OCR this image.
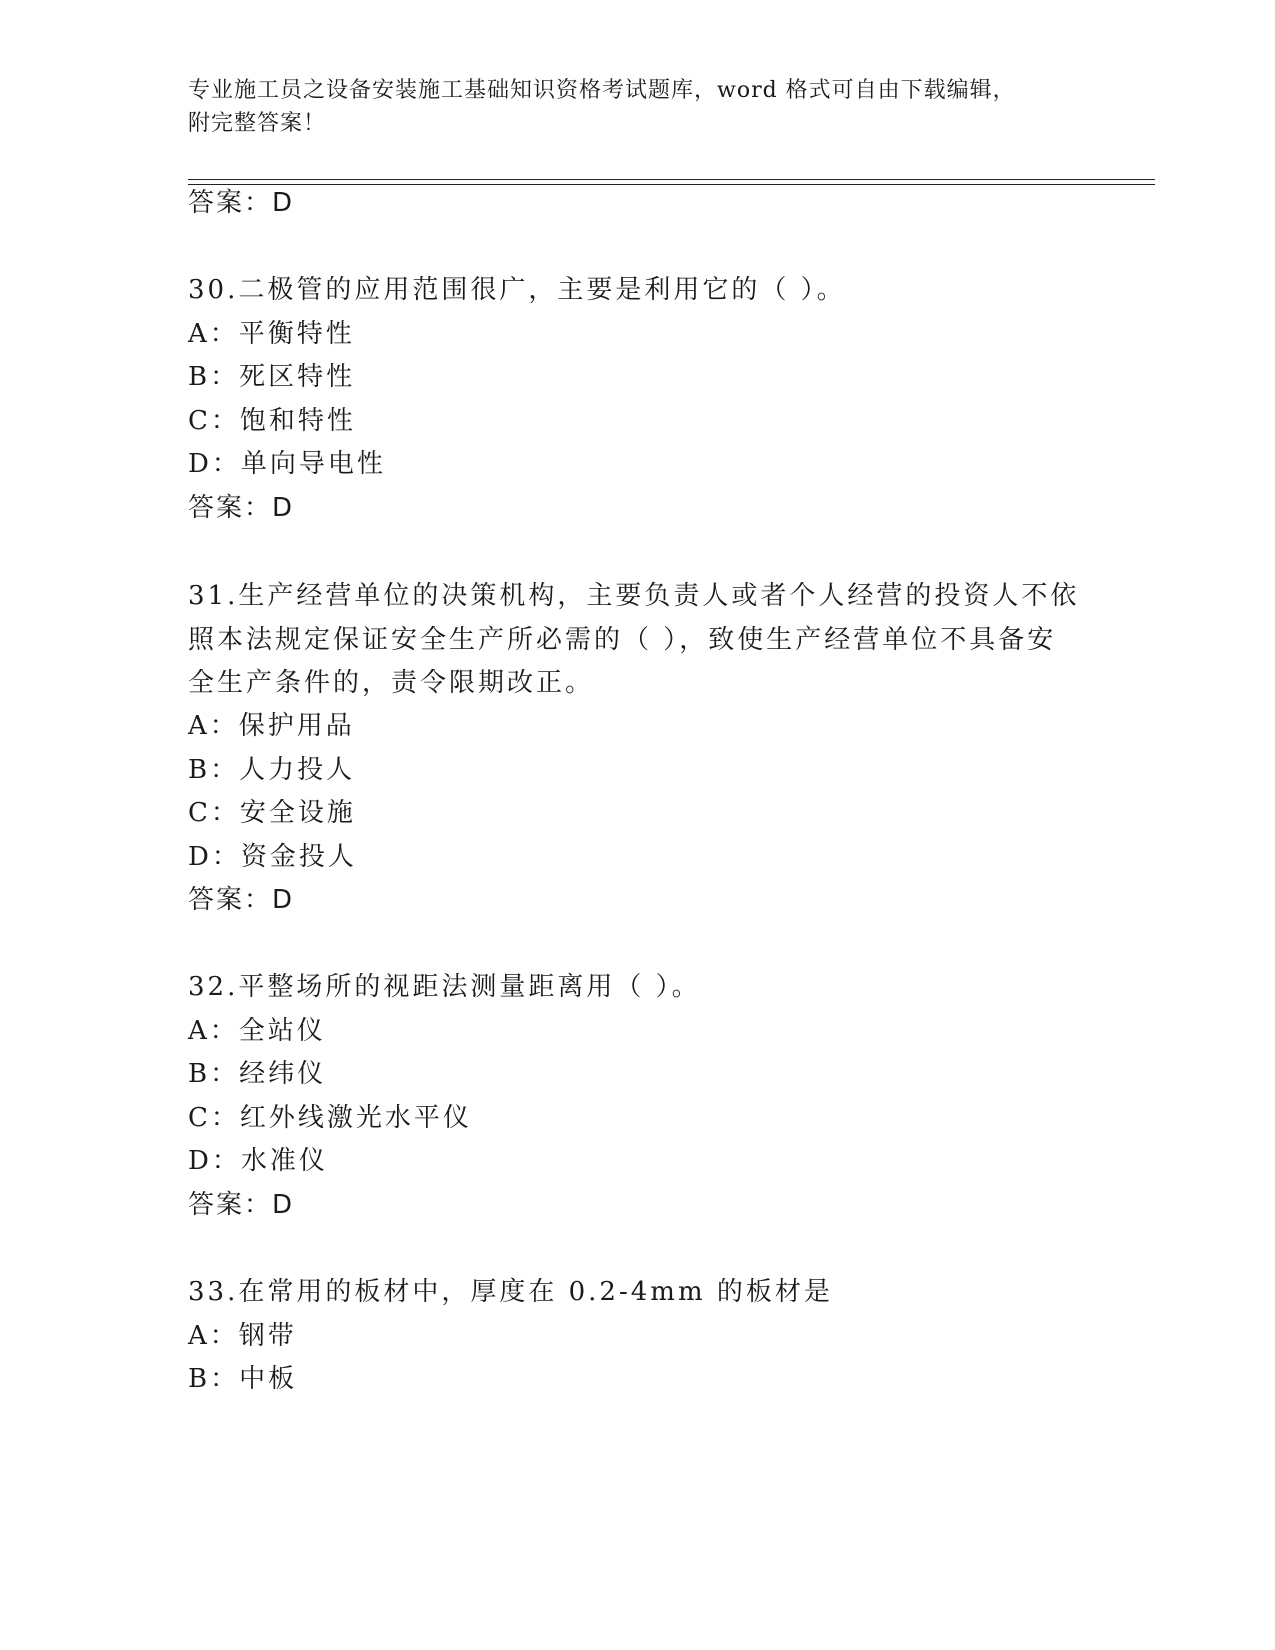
专业施工员之设备安装施工基础知识资格考试题库，word 格式可自由下载编辑，
附完整答案！
答案：D
30.二极管的应用范围很广，主要是利用它的（ ）。
A：平衡特性
B：死区特性
C：饱和特性
D：单向导电性
答案：D
31.生产经营单位的决策机构，主要负责人或者个人经营的投资人不依
照本法规定保证安全生产所必需的（ ），致使生产经营单位不具备安
全生产条件的，责令限期改正。
A：保护用品
B：人力投人
C：安全设施
D：资金投人
答案：D
32.平整场所的视距法测量距离用（ ）。
A：全站仪
B：经纬仪
C：红外线激光水平仪
D：水准仪
答案：D
33.在常用的板材中，厚度在 0.2-4mm 的板材是
A：钢带
B：中板
